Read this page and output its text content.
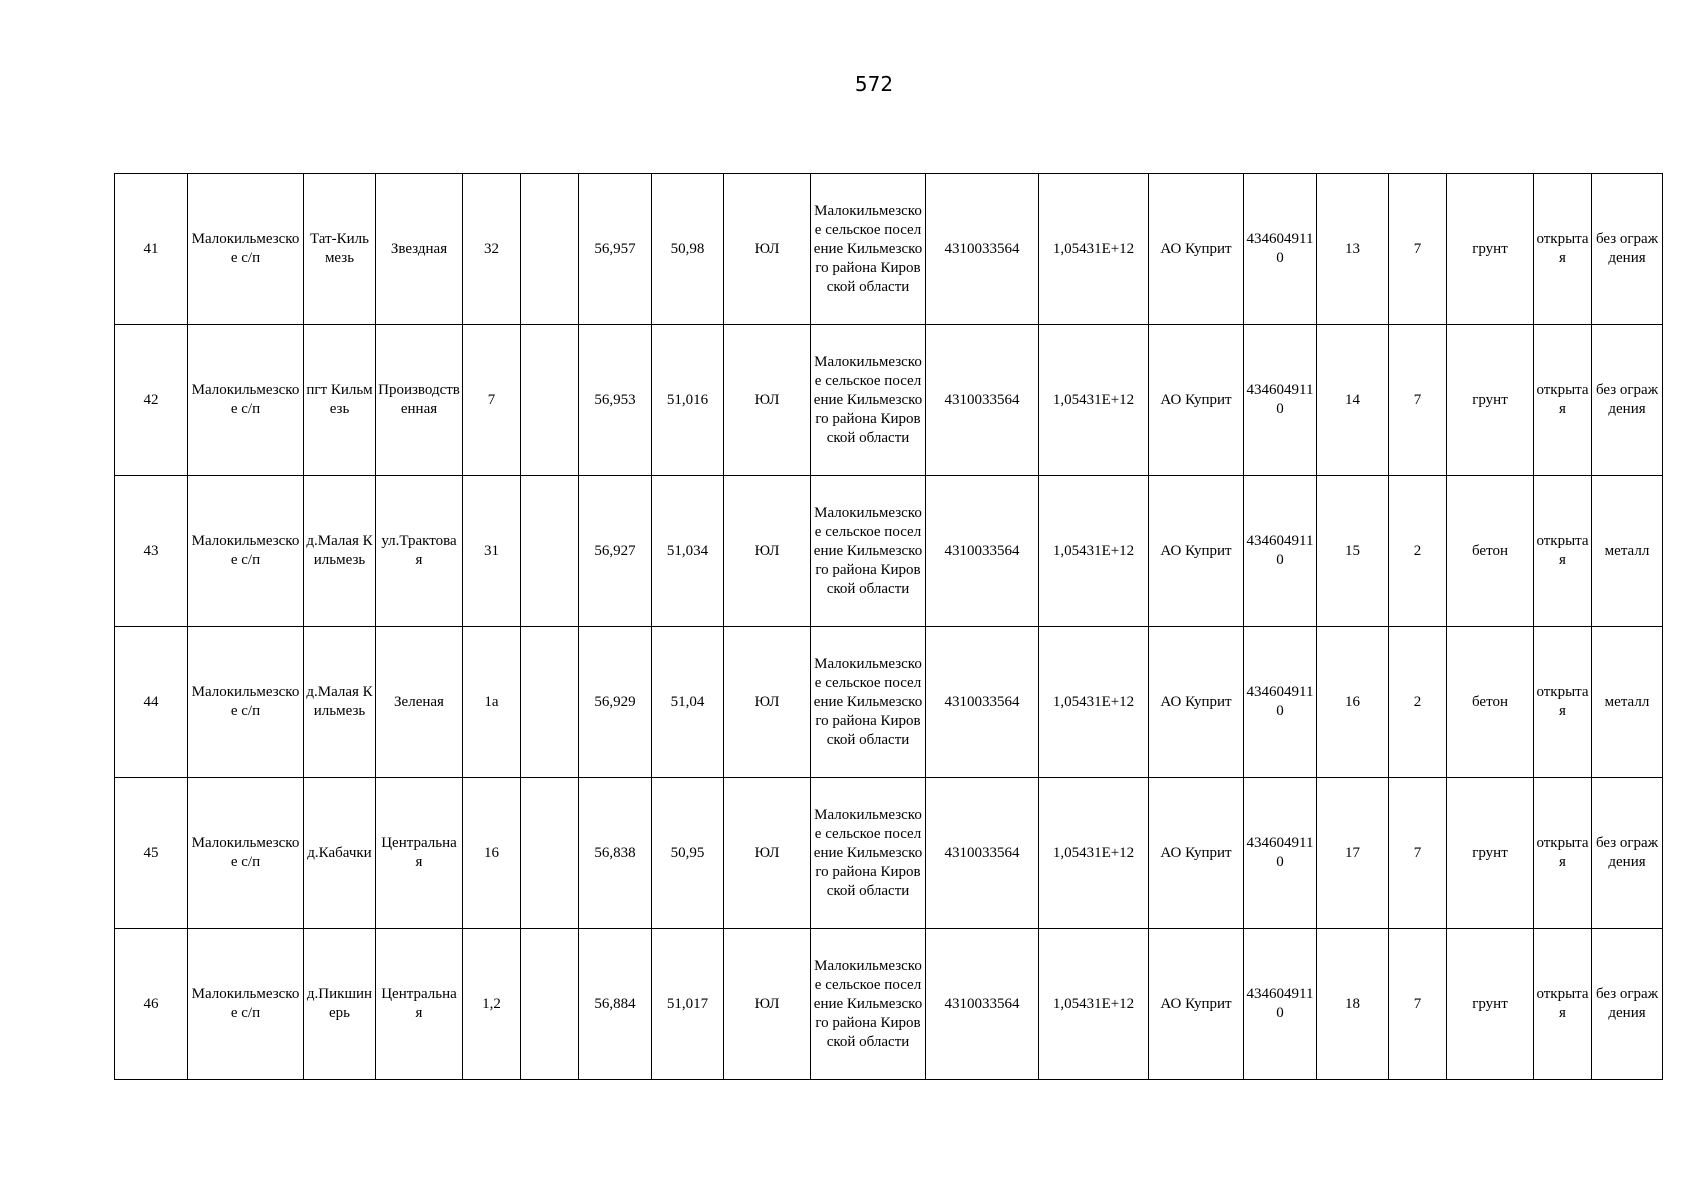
572
41	Малокильмезское с/п	Тат-Кильмезь	Звездная	32		56,957	50,98	ЮЛ	Малокильмезское сельское поселение Кильмезского района Кировской области	4310033564	1,05431E+12	АО Куприт	4346049110	13	7	грунт	открытая	без ограждения
42	Малокильмезское с/п	пгт Кильмезь	Производственная	7		56,953	51,016	ЮЛ	Малокильмезское сельское поселение Кильмезского района Кировской области	4310033564	1,05431E+12	АО Куприт	4346049110	14	7	грунт	открытая	без ограждения
43	Малокильмезское с/п	д.Малая Кильмезь	ул.Трактовая	31		56,927	51,034	ЮЛ	Малокильмезское сельское поселение Кильмезского района Кировской области	4310033564	1,05431E+12	АО Куприт	4346049110	15	2	бетон	открытая	металл
44	Малокильмезское с/п	д.Малая Кильмезь	Зеленая	1а		56,929	51,04	ЮЛ	Малокильмезское сельское поселение Кильмезского района Кировской области	4310033564	1,05431E+12	АО Куприт	4346049110	16	2	бетон	открытая	металл
45	Малокильмезское с/п	д.Кабачки	Центральная	16		56,838	50,95	ЮЛ	Малокильмезское сельское поселение Кильмезского района Кировской области	4310033564	1,05431E+12	АО Куприт	4346049110	17	7	грунт	открытая	без ограждения
46	Малокильмезское с/п	д.Пикшинерь	Центральная	1,2		56,884	51,017	ЮЛ	Малокильмезское сельское поселение Кильмезского района Кировской области	4310033564	1,05431E+12	АО Куприт	4346049110	18	7	грунт	открытая	без ограждения
